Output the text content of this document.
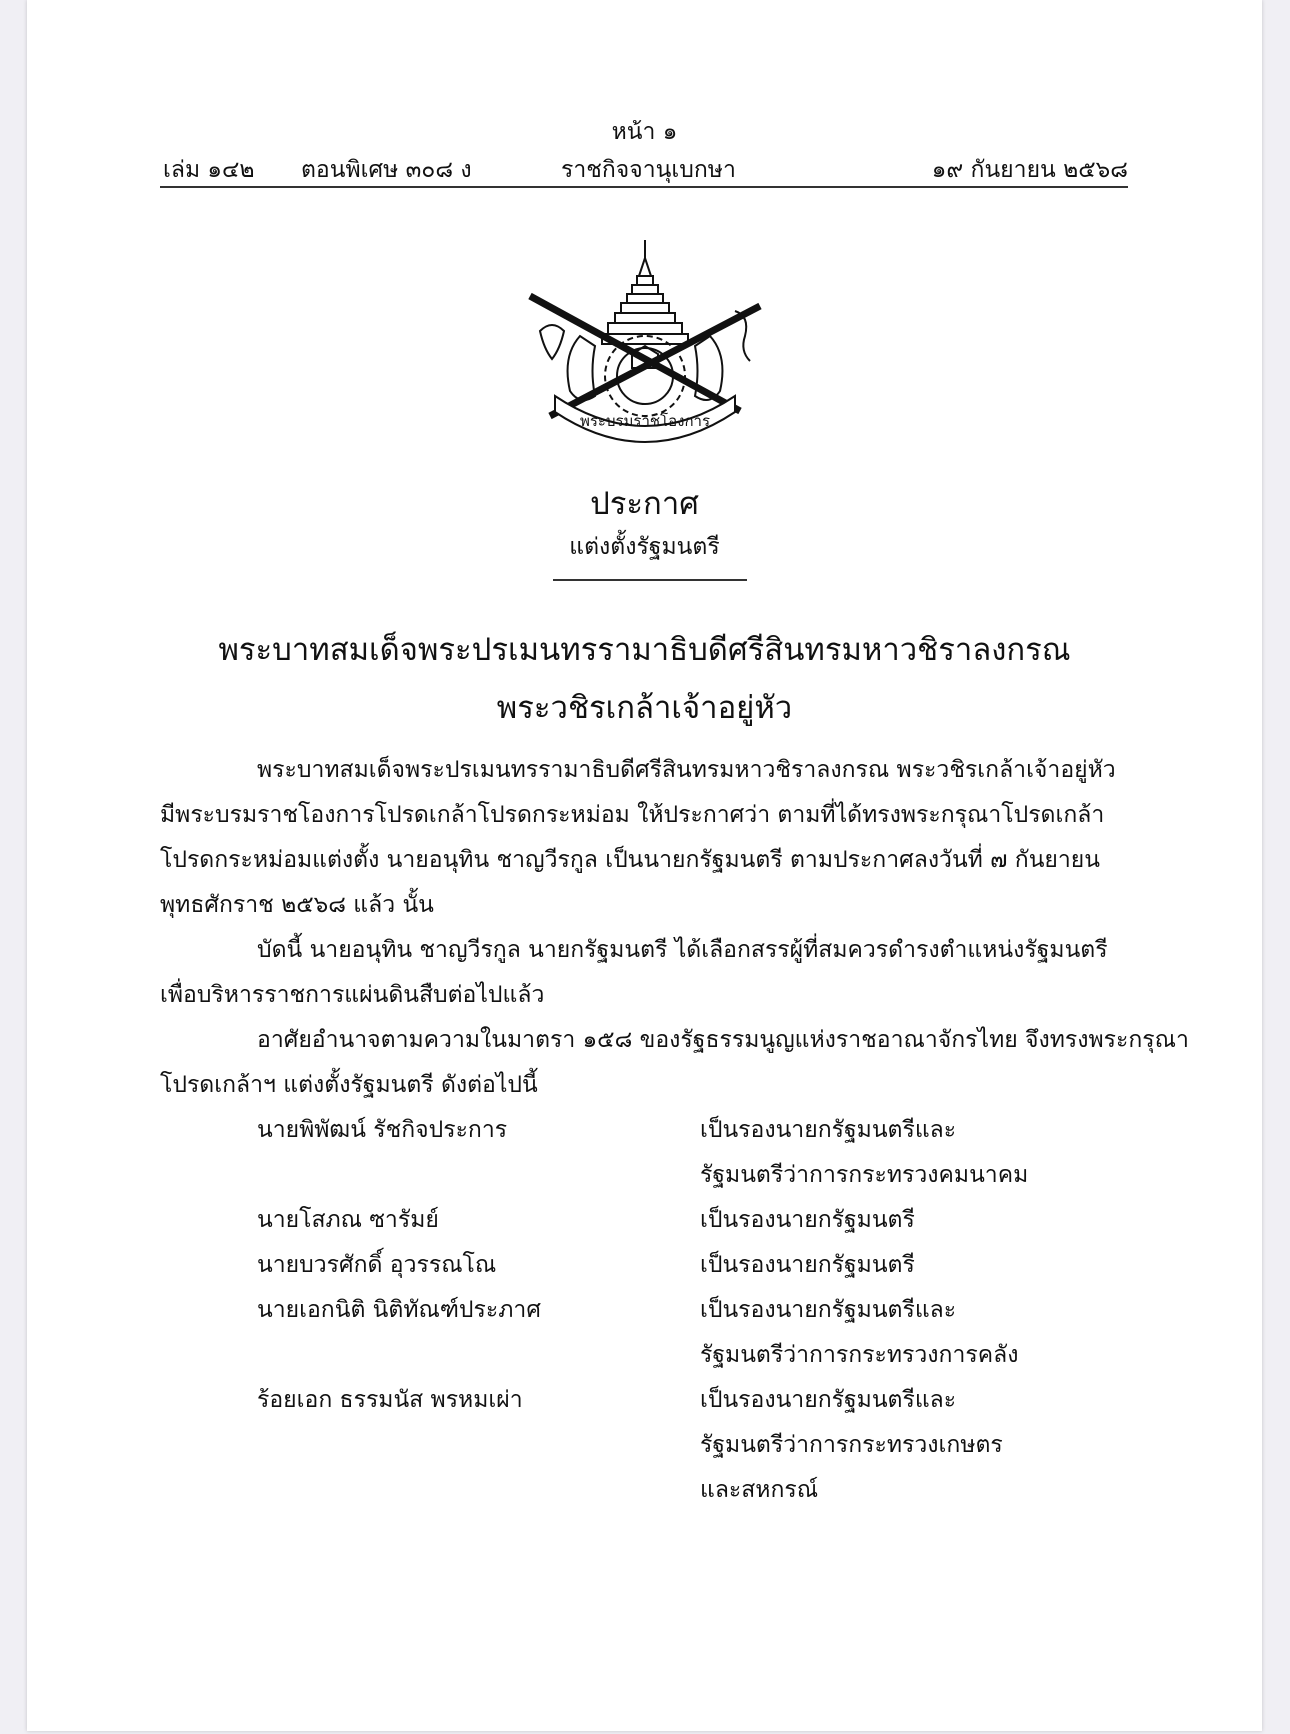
หน้า ๑
เล่ม ๑๔๒ ตอนพิเศษ ๓๐๘ ง	ราชกิจจานุเบกษา	๑๙ กันยายน ๒๕๖๘
พระบรมราชโองการ
ประกาศ
แต่งตั้งรัฐมนตรี
พระบาทสมเด็จพระปรเมนทรรามาธิบดีศรีสินทรมหาวชิราลงกรณ
พระวชิรเกล้าเจ้าอยู่หัว
พระบาทสมเด็จพระปรเมนทรรามาธิบดีศรีสินทรมหาวชิราลงกรณ พระวชิรเกล้าเจ้าอยู่หัว
มีพระบรมราชโองการโปรดเกล้าโปรดกระหม่อม ให้ประกาศว่า ตามที่ได้ทรงพระกรุณาโปรดเกล้า
โปรดกระหม่อมแต่งตั้ง นายอนุทิน ชาญวีรกูล เป็นนายกรัฐมนตรี ตามประกาศลงวันที่ ๗ กันยายน
พุทธศักราช ๒๕๖๘ แล้ว นั้น
บัดนี้ นายอนุทิน ชาญวีรกูล นายกรัฐมนตรี ได้เลือกสรรผู้ที่สมควรดำรงตำแหน่งรัฐมนตรี
เพื่อบริหารราชการแผ่นดินสืบต่อไปแล้ว
อาศัยอำนาจตามความในมาตรา ๑๕๘ ของรัฐธรรมนูญแห่งราชอาณาจักรไทย จึงทรงพระกรุณา
โปรดเกล้าฯ แต่งตั้งรัฐมนตรี ดังต่อไปนี้
นายพิพัฒน์ รัชกิจประการ	เป็นรองนายกรัฐมนตรีและ
รัฐมนตรีว่าการกระทรวงคมนาคม
นายโสภณ ซารัมย์	เป็นรองนายกรัฐมนตรี
นายบวรศักดิ์ อุวรรณโณ	เป็นรองนายกรัฐมนตรี
นายเอกนิติ นิติทัณฑ์ประภาศ	เป็นรองนายกรัฐมนตรีและ
รัฐมนตรีว่าการกระทรวงการคลัง
ร้อยเอก ธรรมนัส พรหมเผ่า	เป็นรองนายกรัฐมนตรีและ
รัฐมนตรีว่าการกระทรวงเกษตร
และสหกรณ์
